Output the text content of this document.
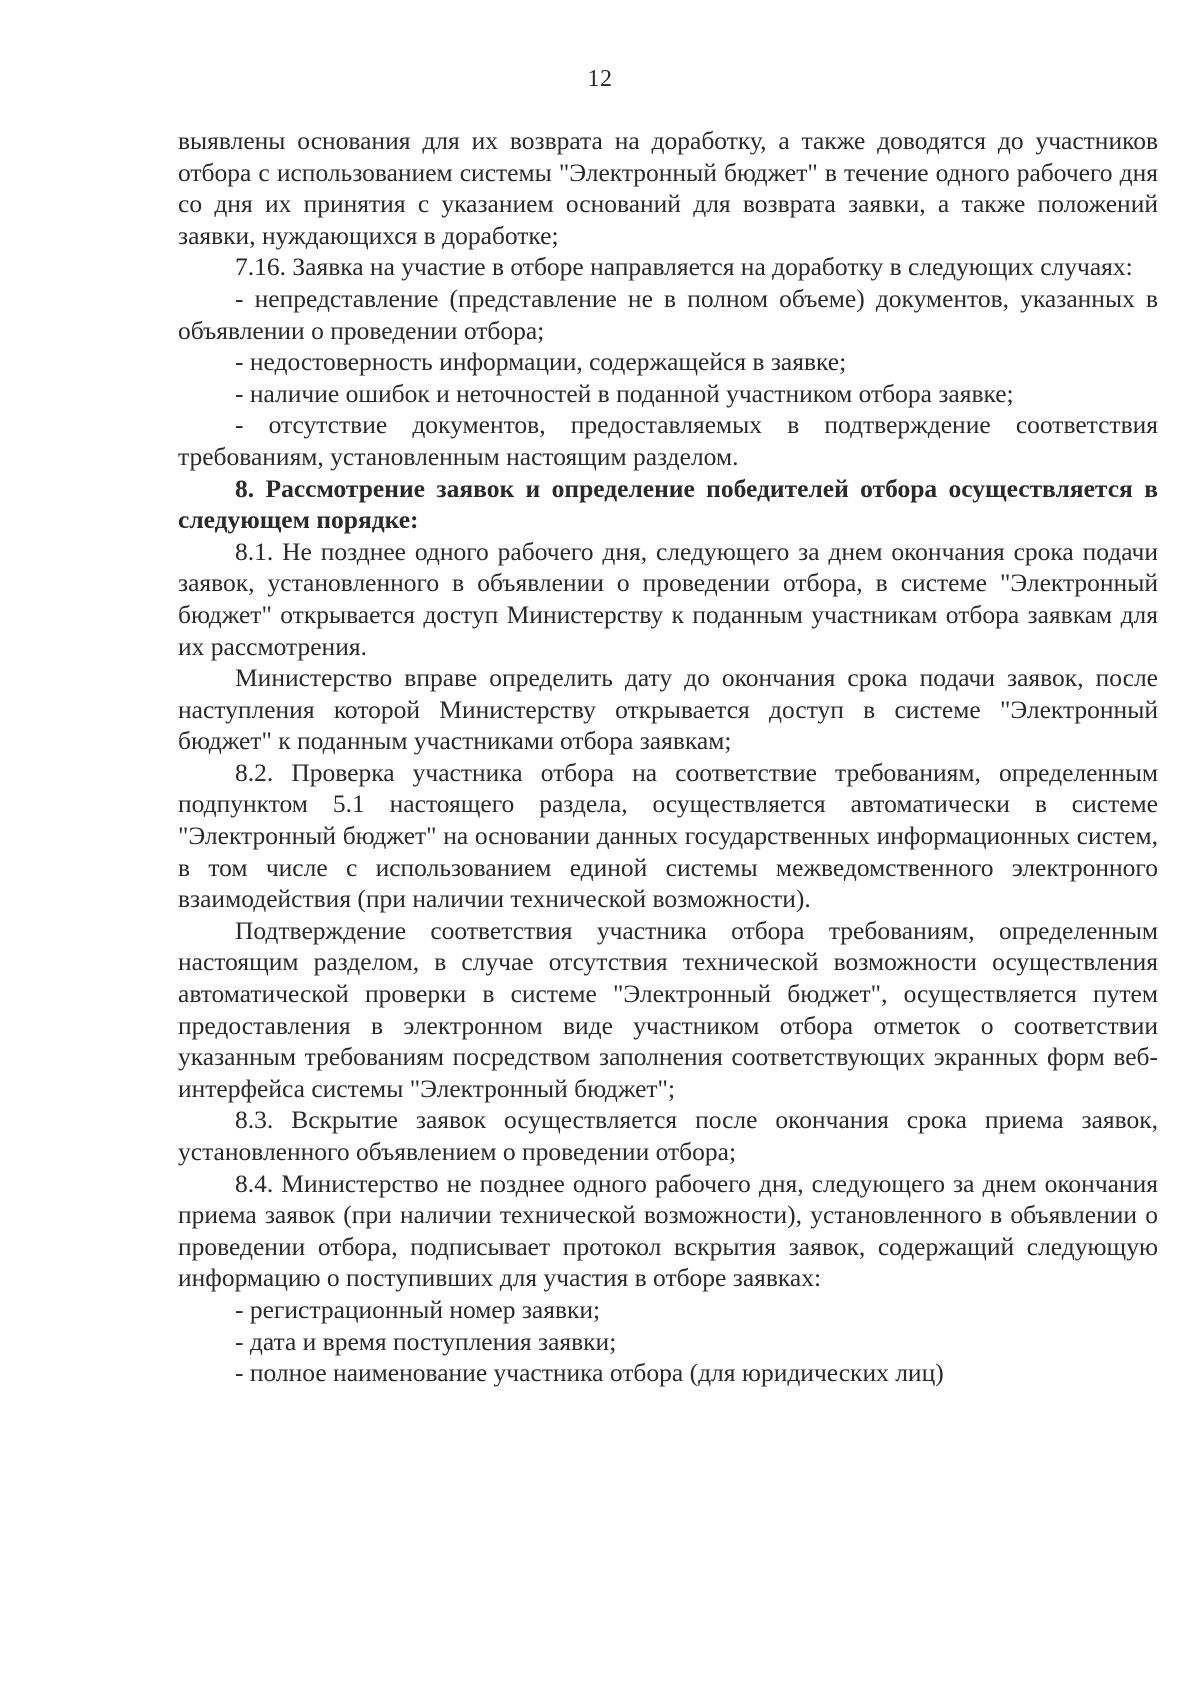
12

выявлены основания для их возврата на доработку, а также доводятся до участников отбора с использованием системы "Электронный бюджет" в течение одного рабочего дня со дня их принятия с указанием оснований для возврата заявки, а также положений заявки, нуждающихся в доработке;

7.16. Заявка на участие в отборе направляется на доработку в следующих случаях:

- непредставление (представление не в полном объеме) документов, указанных в объявлении о проведении отбора;

- недостоверность информации, содержащейся в заявке;

- наличие ошибок и неточностей в поданной участником отбора заявке;

- отсутствие документов, предоставляемых в подтверждение соответствия требованиям, установленным настоящим разделом.

8. Рассмотрение заявок и определение победителей отбора осуществляется в следующем порядке:

8.1. Не позднее одного рабочего дня, следующего за днем окончания срока подачи заявок, установленного в объявлении о проведении отбора, в системе "Электронный бюджет" открывается доступ Министерству к поданным участникам отбора заявкам для их рассмотрения.

Министерство вправе определить дату до окончания срока подачи заявок, после наступления которой Министерству открывается доступ в системе "Электронный бюджет" к поданным участниками отбора заявкам;

8.2. Проверка участника отбора на соответствие требованиям, определенным подпунктом 5.1 настоящего раздела, осуществляется автоматически в системе "Электронный бюджет" на основании данных государственных информационных систем, в том числе с использованием единой системы межведомственного электронного взаимодействия (при наличии технической возможности).

Подтверждение соответствия участника отбора требованиям, определенным настоящим разделом, в случае отсутствия технической возможности осуществления автоматической проверки в системе "Электронный бюджет", осуществляется путем предоставления в электронном виде участником отбора отметок о соответствии указанным требованиям посредством заполнения соответствующих экранных форм веб-интерфейса системы "Электронный бюджет";

8.3. Вскрытие заявок осуществляется после окончания срока приема заявок, установленного объявлением о проведении отбора;

8.4. Министерство не позднее одного рабочего дня, следующего за днем окончания приема заявок (при наличии технической возможности), установленного в объявлении о проведении отбора, подписывает протокол вскрытия заявок, содержащий следующую информацию о поступивших для участия в отборе заявках:

- регистрационный номер заявки;

- дата и время поступления заявки;

- полное наименование участника отбора (для юридических лиц)
